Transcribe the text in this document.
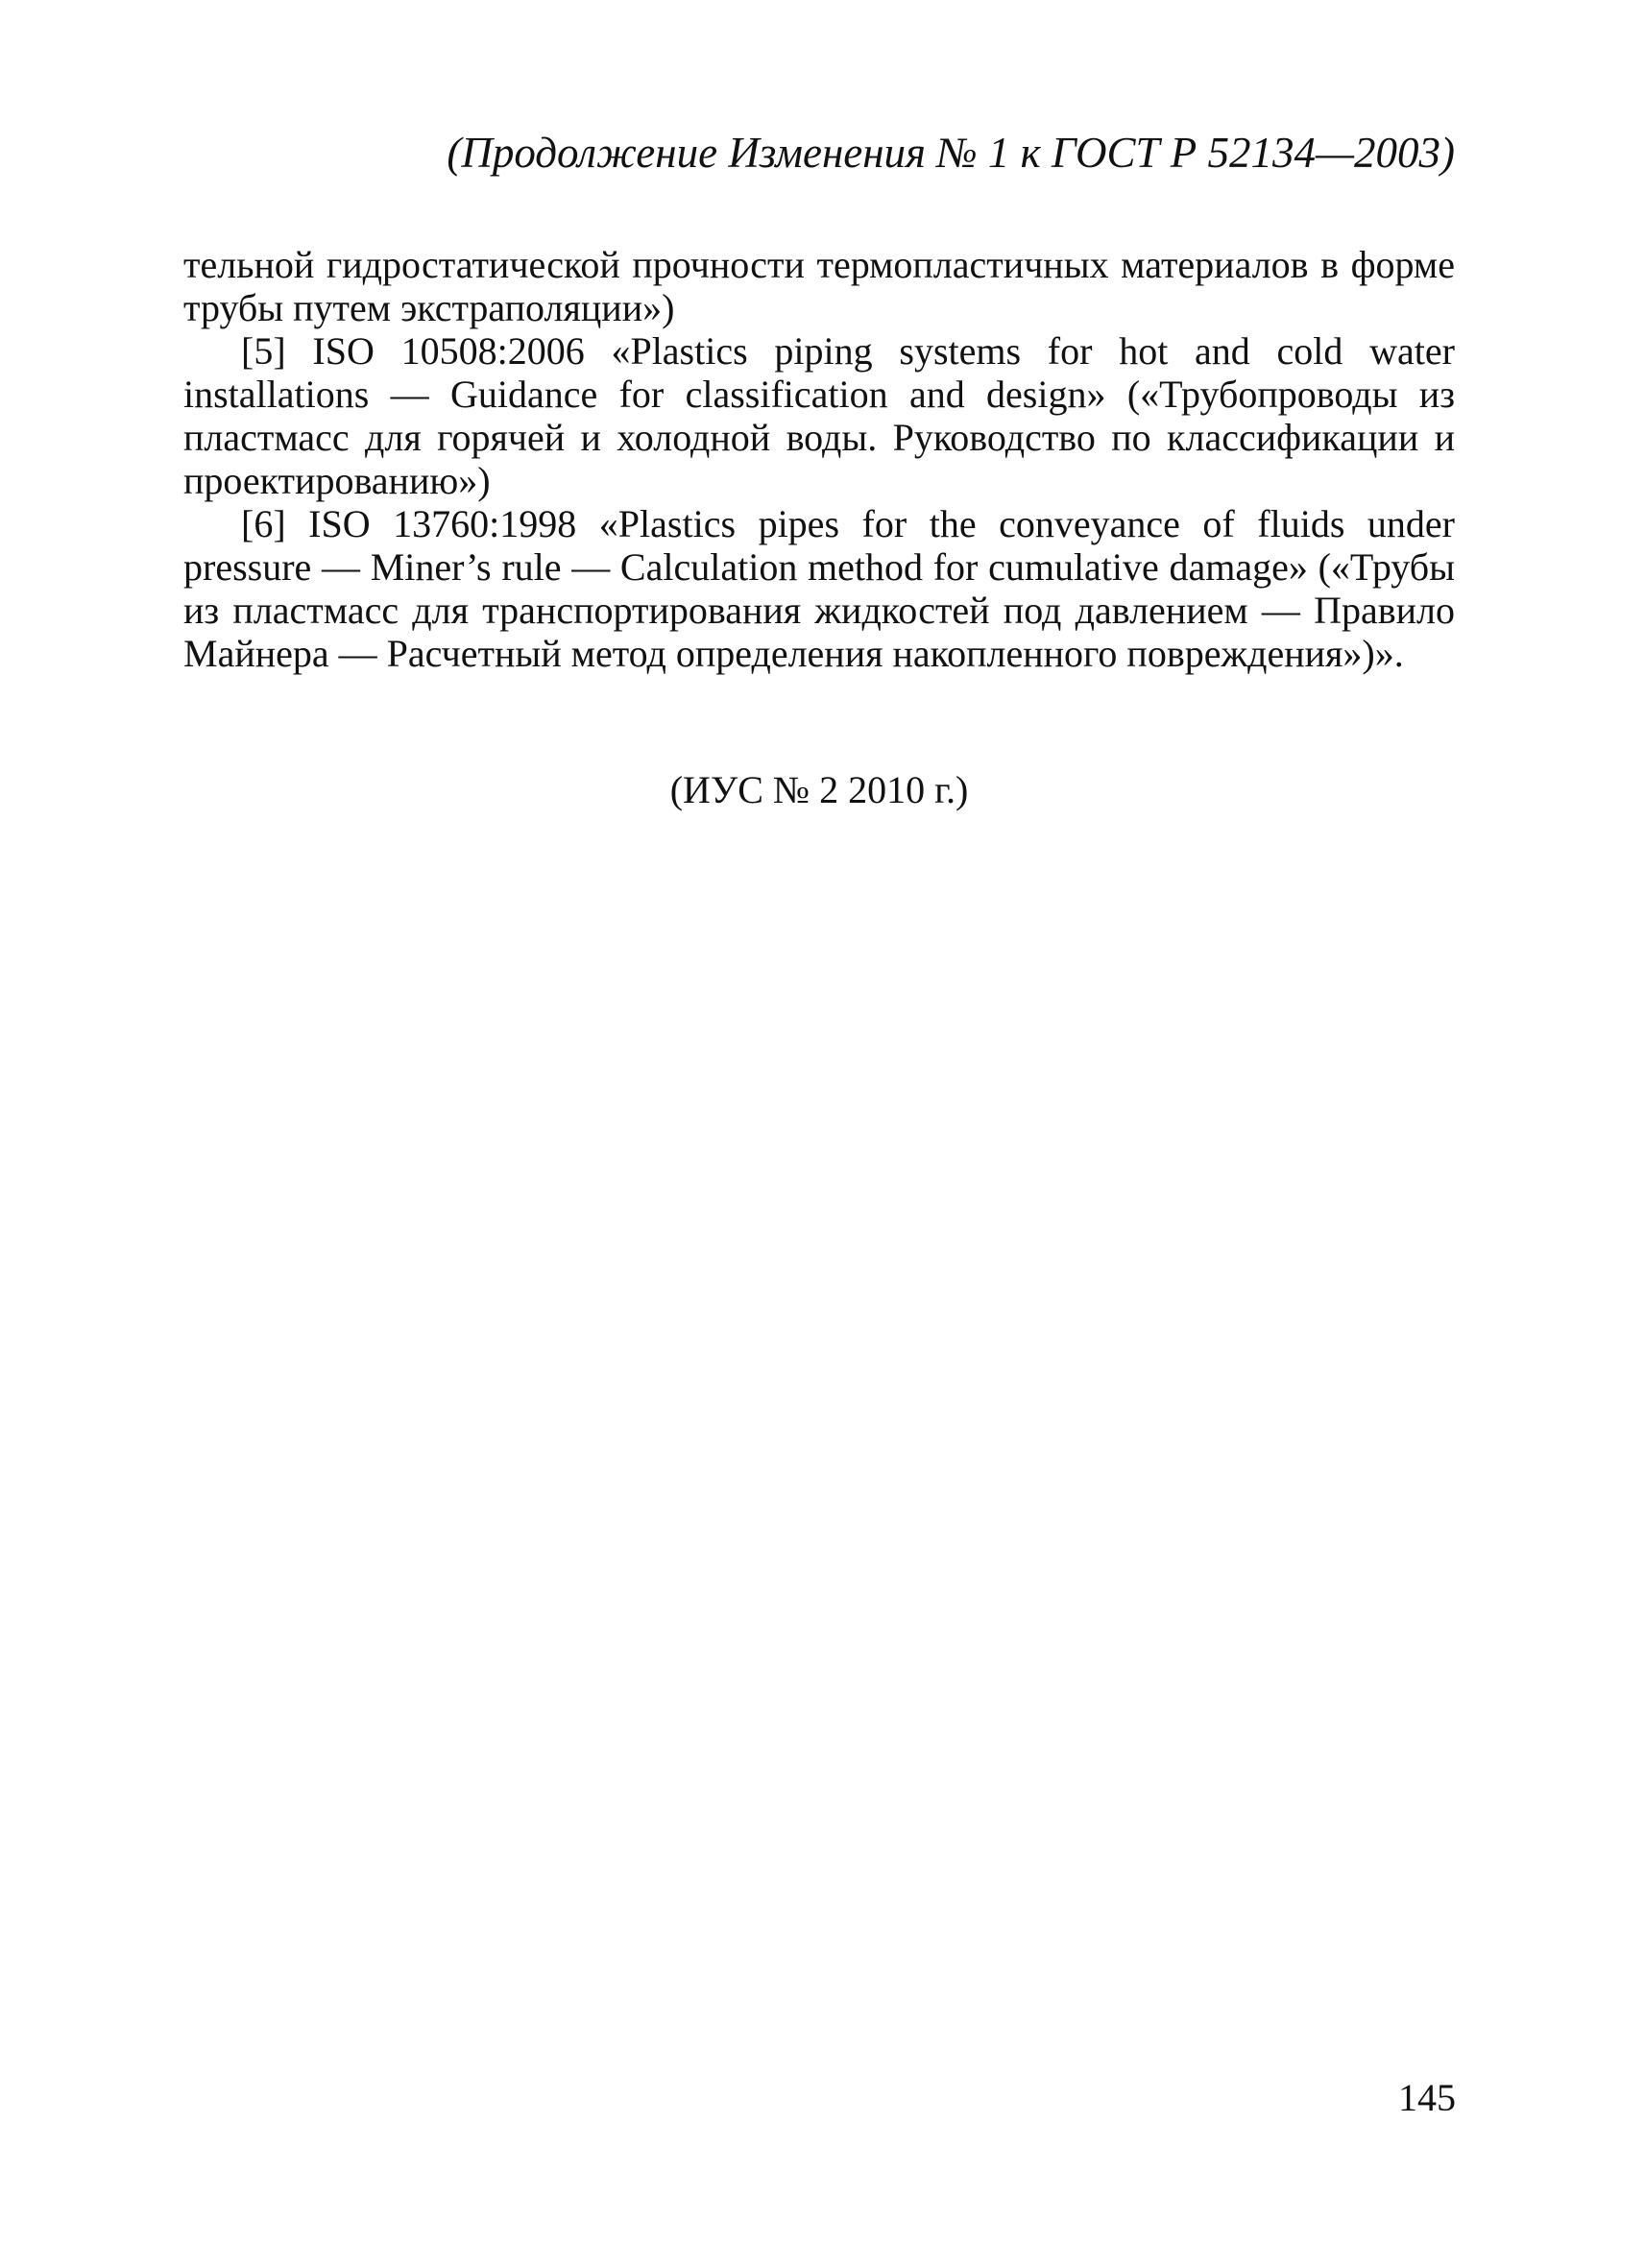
(Продолжение Изменения № 1 к ГОСТ Р 52134—2003)

тельной гидростатической прочности термопластичных материалов в форме трубы путем экстраполяции»)

[5] ISO 10508:2006 «Plastics piping systems for hot and cold water installations — Guidance for classification and design» («Трубопроводы из пластмасс для горячей и холодной воды. Руководство по классификации и проектированию»)

[6] ISO 13760:1998 «Plastics pipes for the conveyance of fluids under pressure — Miner’s rule — Calculation method for cumulative damage» («Трубы из пластмасс для транспортирования жидкостей под давлением — Правило Майнера — Расчетный метод определения накопленного повреждения»)».

(ИУС № 2 2010 г.)
145
